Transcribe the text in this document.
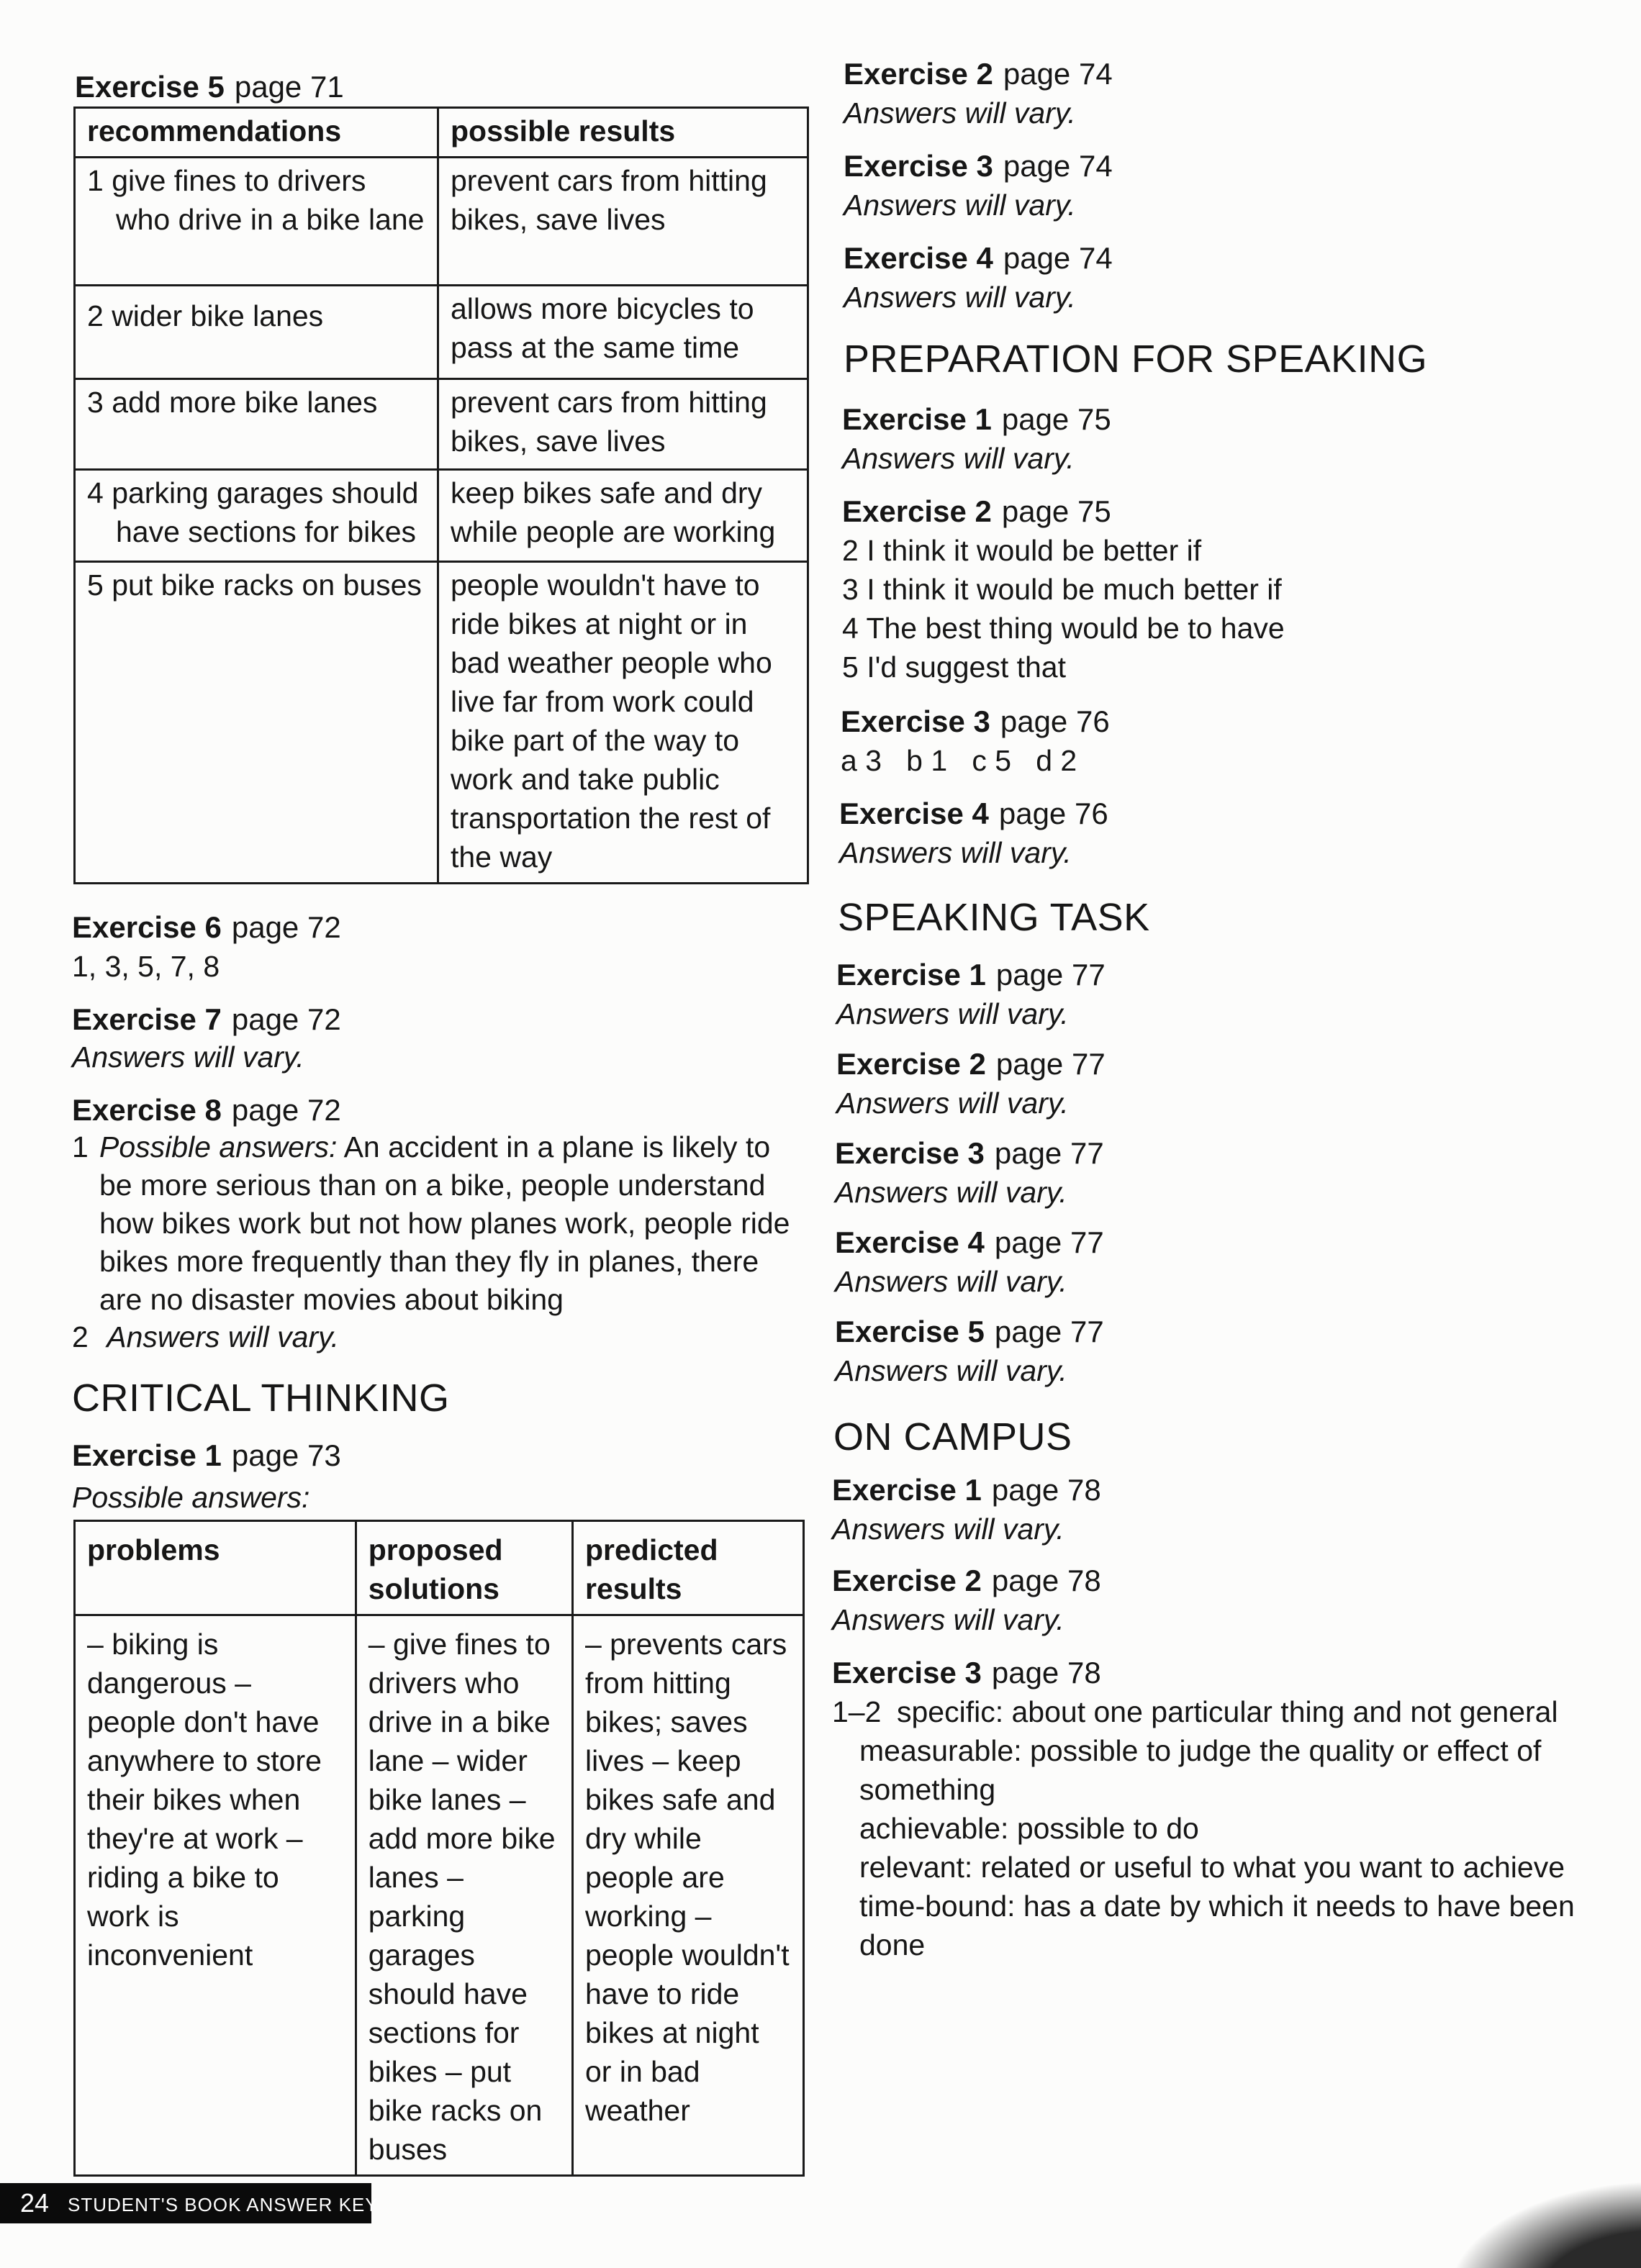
Exercise 5 page 71
recommendations	possible results
1 give fines to drivers who drive in a bike lane	prevent cars from hitting bikes, save lives
2 wider bike lanes	allows more bicycles to pass at the same time
3 add more bike lanes	prevent cars from hitting bikes, save lives
4 parking garages should have sections for bikes	keep bikes safe and dry while people are working
5 put bike racks on buses	people wouldn't have to ride bikes at night or in bad weather people who live far from work could bike part of the way to work and take public transportation the rest of the way
Exercise 6 page 72
1, 3, 5, 7, 8
Exercise 7 page 72
Answers will vary.
Exercise 8 page 72
1 Possible answers: An accident in a plane is likely to be more serious than on a bike, people understand how bikes work but not how planes work, people ride bikes more frequently than they fly in planes, there are no disaster movies about biking
2 Answers will vary.
CRITICAL THINKING
Exercise 1 page 73
Possible answers:
problems	proposed solutions	predicted results
– biking is dangerous – people don't have anywhere to store their bikes when they're at work – riding a bike to work is inconvenient	– give fines to drivers who drive in a bike lane – wider bike lanes – add more bike lanes – parking garages should have sections for bikes – put bike racks on buses	– prevents cars from hitting bikes; saves lives – keep bikes safe and dry while people are working – people wouldn't have to ride bikes at night or in bad weather
Exercise 2 page 74
Answers will vary.
Exercise 3 page 74
Answers will vary.
Exercise 4 page 74
Answers will vary.
PREPARATION FOR SPEAKING
Exercise 1 page 75
Answers will vary.
Exercise 2 page 75
2 I think it would be better if
3 I think it would be much better if
4 The best thing would be to have
5 I'd suggest that
Exercise 3 page 76
a 3   b 1   c 5   d 2
Exercise 4 page 76
Answers will vary.
SPEAKING TASK
Exercise 1 page 77
Answers will vary.
Exercise 2 page 77
Answers will vary.
Exercise 3 page 77
Answers will vary.
Exercise 4 page 77
Answers will vary.
Exercise 5 page 77
Answers will vary.
ON CAMPUS
Exercise 1 page 78
Answers will vary.
Exercise 2 page 78
Answers will vary.
Exercise 3 page 78
1–2 specific: about one particular thing and not general
measurable: possible to judge the quality or effect of
something
achievable: possible to do
relevant: related or useful to what you want to achieve
time-bound: has a date by which it needs to have been
done
24 STUDENT'S BOOK ANSWER KEY
